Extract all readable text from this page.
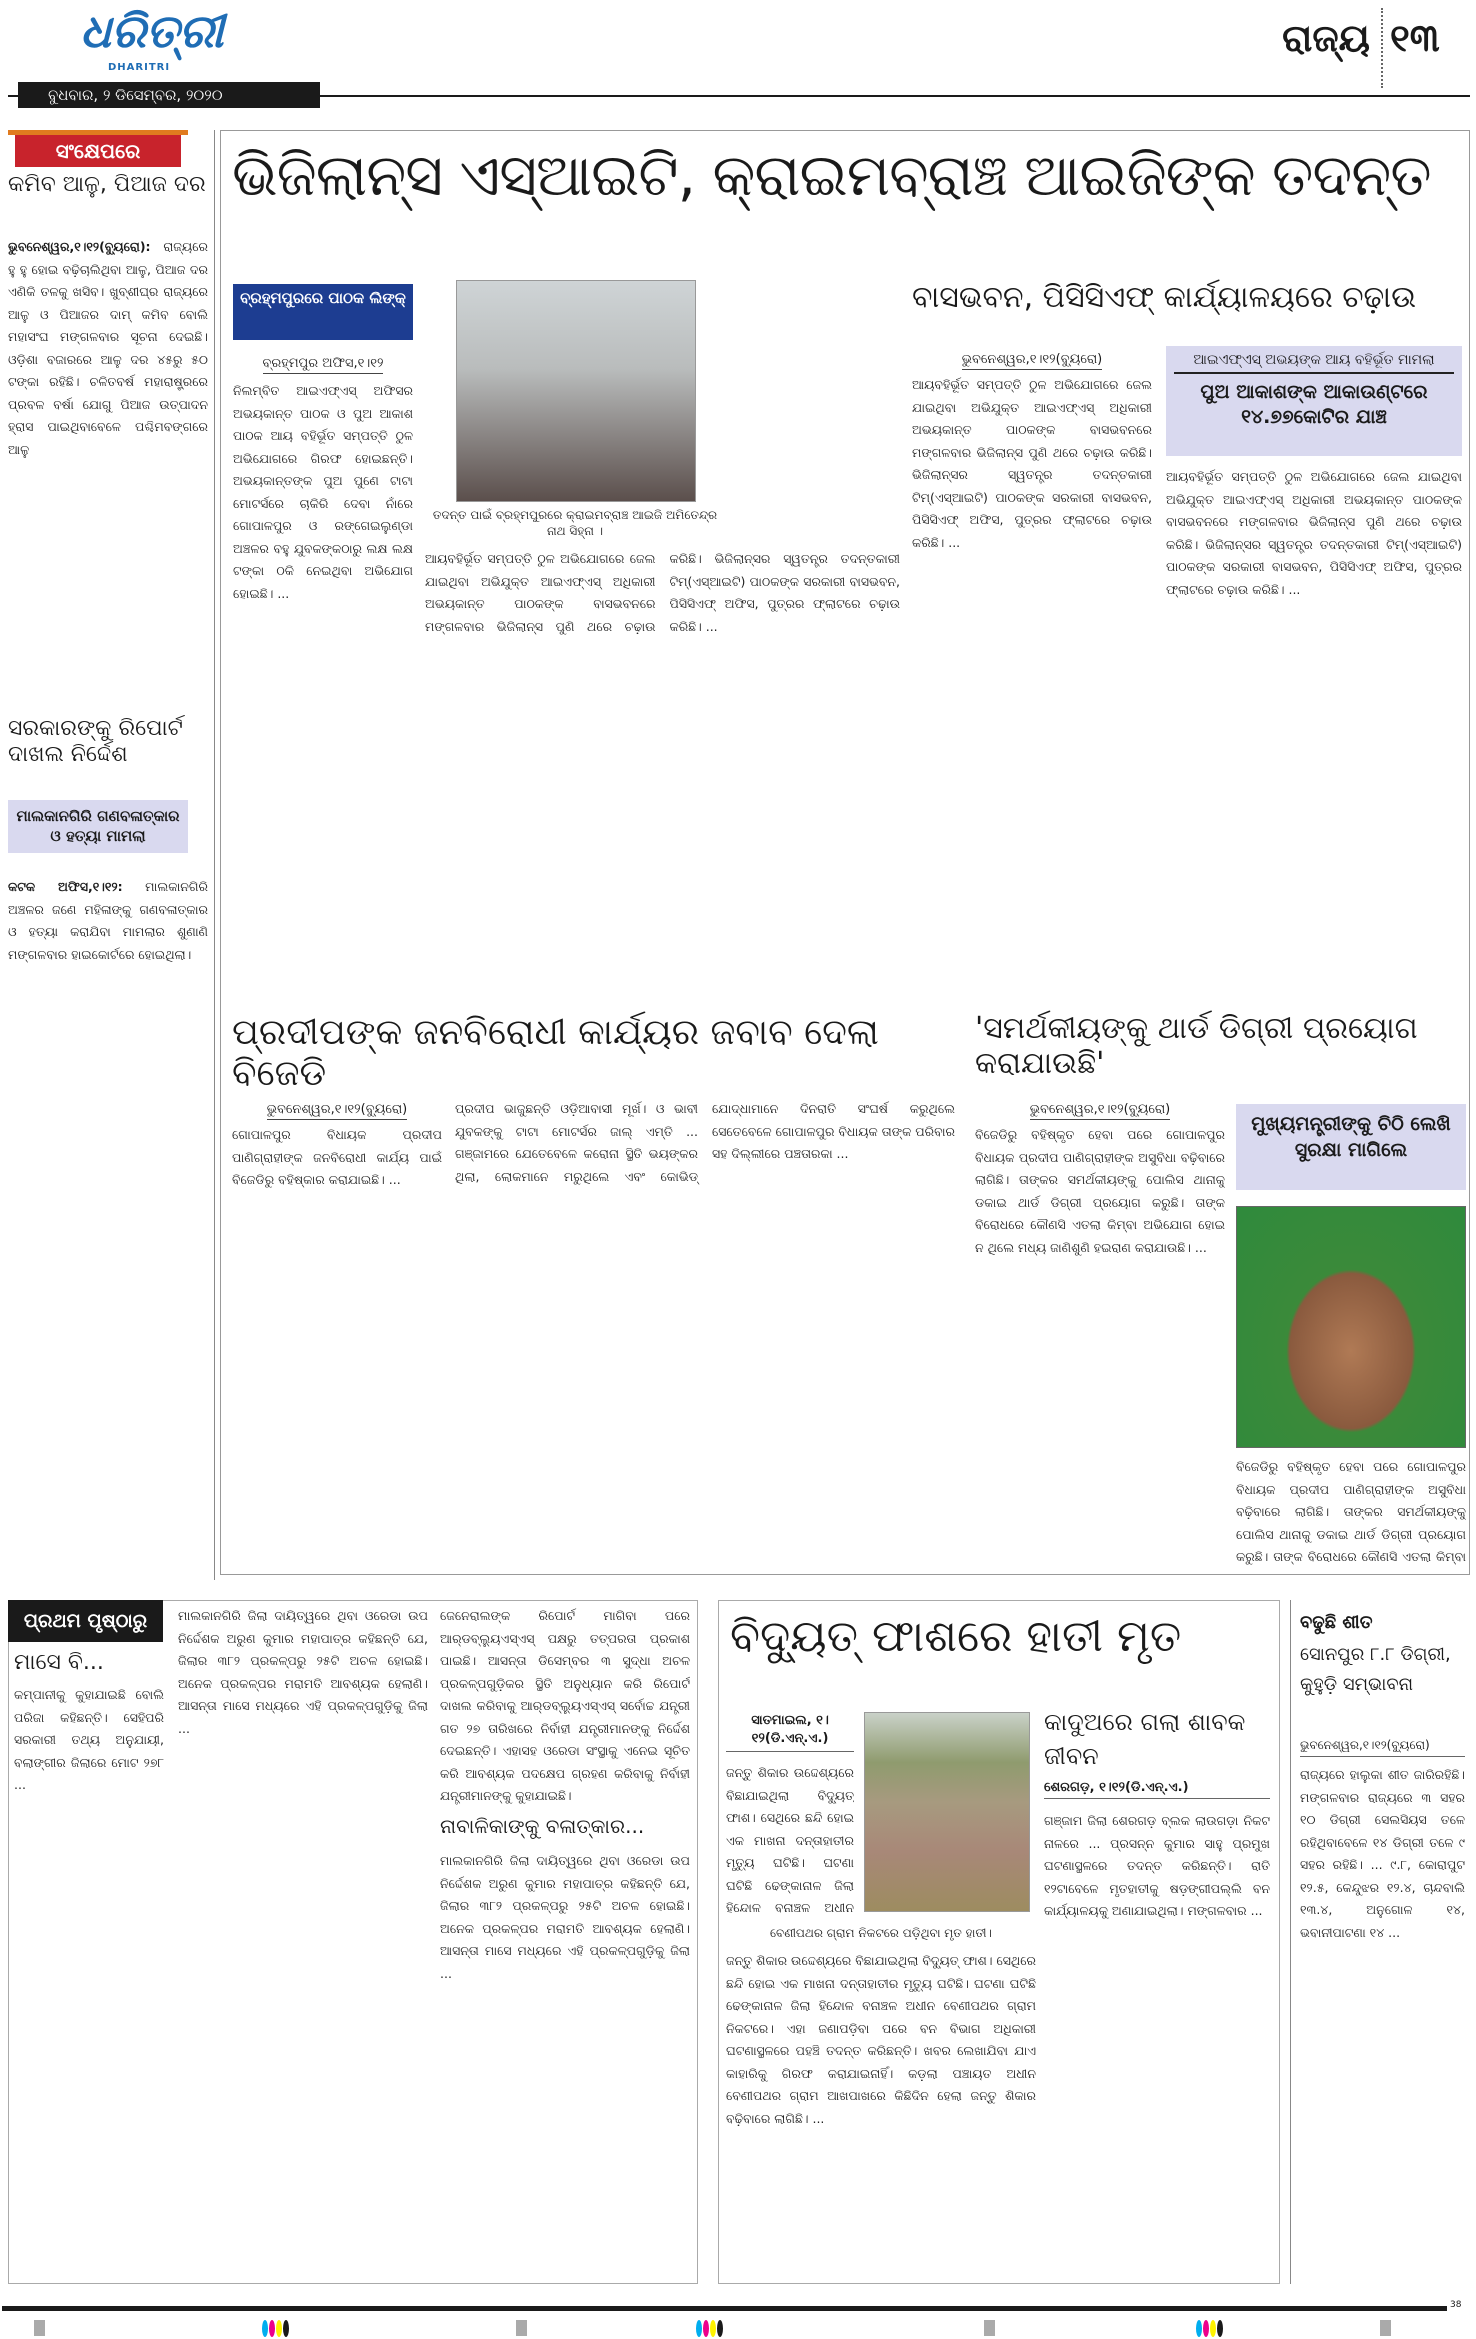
ଧରିତ୍ରୀ
DHARITRI
ବୁଧବାର, ୨ ଡିସେମ୍ବର, ୨୦୨୦
ରାଜ୍ୟ ୧୩
ସଂକ୍ଷେପରେ
କମିବ ଆଳୁ, ପିଆଜ ଦର
ଭୁବନେଶ୍ୱର,୧।୧୨(ବ୍ୟୁରୋ): ରାଜ୍ୟରେ ହୁ ହୁ ହୋଇ ବଢ଼ିଚାଲିଥିବା ଆଳୁ, ପିଆଜ ଦର ଏଣିକି ତଳକୁ ଖସିବ। ଖୁବ୍‌ଶୀଘ୍ର ରାଜ୍ୟରେ ଆଳୁ ଓ ପିଆଜର ଦାମ୍ କମିବ ବୋଲି ମହାସଂଘ ମଙ୍ଗଳବାର ସୂଚନା ଦେଇଛି। ଓଡ଼ିଶା ବଜାରରେ ଆଳୁ ଦର ୪୫ରୁ ୫୦ ଟଙ୍କା ରହିଛି। ଚଳିତବର୍ଷ ମହାରାଷ୍ଟ୍ରରେ ପ୍ରବଳ ବର୍ଷା ଯୋଗୁ ପିଆଜ ଉତ୍ପାଦନ ହ୍ରାସ ପାଇଥିବାବେଳେ ପଶ୍ଚିମବଙ୍ଗରେ ଆଳୁ
ସରକାରଙ୍କୁ ରିପୋର୍ଟ ଦାଖଲ ନିର୍ଦ୍ଦେଶ
ମାଲକାନଗିରି ଗଣବଳାତ୍କାର ଓ ହତ୍ୟା ମାମଲା
କଟକ ଅଫିସ,୧।୧୨: ମାଲକାନଗିରି ଅଞ୍ଚଳର ଜଣେ ମହିଳାଙ୍କୁ ଗଣବଳାତ୍କାର ଓ ହତ୍ୟା କରାଯିବା ମାମଲାର ଶୁଣାଣି ମଙ୍ଗଳବାର ହାଇକୋର୍ଟରେ ହୋଇଥିଲା।
ଭିଜିଲାନ୍ସ ଏସ୍‌ଆଇଟି, କ୍ରାଇମବ୍ରାଞ୍ଚ ଆଇଜିଙ୍କ ତଦନ୍ତ
ବ୍ରହ୍ମପୁରରେ ପାଠକ ଲିଙ୍କ୍
ବ୍ରହ୍ମପୁର ଅଫିସ,୧।୧୨
ନିଲମ୍ବିତ ଆଇଏଫ୍‌ଏସ୍ ଅଫିସର ଅଭୟକାନ୍ତ ପାଠକ ଓ ପୁଅ ଆକାଶ ପାଠକ ଆୟ ବହିର୍ଭୂତ ସମ୍ପତ୍ତି ଠୁଳ ଅଭିଯୋଗରେ ଗିରଫ ହୋଇଛନ୍ତି। ଅଭୟକାନ୍ତଙ୍କ ପୁଅ ପୁଣେ ଟାଟା ମୋଟର୍ସରେ ଚାକିରି ଦେବା ନାଁରେ ଗୋପାଳପୁର ଓ ରଙ୍ଗେଇଲୁଣ୍ଡା ଅଞ୍ଚଳର ବହୁ ଯୁବକଙ୍କଠାରୁ ଲକ୍ଷ ଲକ୍ଷ ଟଙ୍କା ଠକି ନେଇଥିବା ଅଭିଯୋଗ ହୋଇଛି। ...
ତଦନ୍ତ ପାଇଁ ବ୍ରହ୍ମପୁରରେ କ୍ରାଇମବ୍ରାଞ୍ଚ ଆଇଜି ଅମିତେନ୍ଦ୍ର ନାଥ ସିହ୍ନା ।
ଆୟବହିର୍ଭୂତ ସମ୍ପତ୍ତି ଠୁଳ ଅଭିଯୋଗରେ ଜେଲ ଯାଇଥିବା ଅଭିଯୁକ୍ତ ଆଇଏଫ୍‌ଏସ୍ ଅଧିକାରୀ ଅଭୟକାନ୍ତ ପାଠକଙ୍କ ବାସଭବନରେ ମଙ୍ଗଳବାର ଭିଜିଲାନ୍ସ ପୁଣି ଥରେ ଚଢ଼ାଉ କରିଛି। ଭିଜିଲାନ୍ସର ସ୍ୱତନ୍ତ୍ର ତଦନ୍ତକାରୀ ଟିମ୍(ଏସ୍‌ଆଇଟି) ପାଠକଙ୍କ ସରକାରୀ ବାସଭବନ, ପିସିସିଏଫ୍ ଅଫିସ, ପୁତ୍ରର ଫ୍ଲାଟରେ ଚଢ଼ାଉ କରିଛି। ...
ବାସଭବନ, ପିସିସିଏଫ୍ କାର୍ଯ୍ୟାଳୟରେ ଚଢ଼ାଉ
ଭୁବନେଶ୍ୱର,୧।୧୨(ବ୍ୟୁରୋ)
ଆୟବହିର୍ଭୂତ ସମ୍ପତ୍ତି ଠୁଳ ଅଭିଯୋଗରେ ଜେଲ ଯାଇଥିବା ଅଭିଯୁକ୍ତ ଆଇଏଫ୍‌ଏସ୍ ଅଧିକାରୀ ଅଭୟକାନ୍ତ ପାଠକଙ୍କ ବାସଭବନରେ ମଙ୍ଗଳବାର ଭିଜିଲାନ୍ସ ପୁଣି ଥରେ ଚଢ଼ାଉ କରିଛି। ଭିଜିଲାନ୍ସର ସ୍ୱତନ୍ତ୍ର ତଦନ୍ତକାରୀ ଟିମ୍(ଏସ୍‌ଆଇଟି) ପାଠକଙ୍କ ସରକାରୀ ବାସଭବନ, ପିସିସିଏଫ୍ ଅଫିସ, ପୁତ୍ରର ଫ୍ଲାଟରେ ଚଢ଼ାଉ କରିଛି। ...
ଆଇଏଫ୍‌ଏସ୍ ଅଭୟଙ୍କ ଆୟ ବହିର୍ଭୂତ ମାମଲା
ପୁଅ ଆକାଶଙ୍କ ଆକାଉଣ୍ଟରେ ୧୪.୭୭କୋଟିର ଯାଞ୍ଚ
ଆୟବହିର୍ଭୂତ ସମ୍ପତ୍ତି ଠୁଳ ଅଭିଯୋଗରେ ଜେଲ ଯାଇଥିବା ଅଭିଯୁକ୍ତ ଆଇଏଫ୍‌ଏସ୍ ଅଧିକାରୀ ଅଭୟକାନ୍ତ ପାଠକଙ୍କ ବାସଭବନରେ ମଙ୍ଗଳବାର ଭିଜିଲାନ୍ସ ପୁଣି ଥରେ ଚଢ଼ାଉ କରିଛି। ଭିଜିଲାନ୍ସର ସ୍ୱତନ୍ତ୍ର ତଦନ୍ତକାରୀ ଟିମ୍(ଏସ୍‌ଆଇଟି) ପାଠକଙ୍କ ସରକାରୀ ବାସଭବନ, ପିସିସିଏଫ୍ ଅଫିସ, ପୁତ୍ରର ଫ୍ଲାଟରେ ଚଢ଼ାଉ କରିଛି। ...
ପ୍ରଦୀପଙ୍କ ଜନବିରୋଧୀ କାର୍ଯ୍ୟର ଜବାବ ଦେଲା ବିଜେଡି
ଭୁବନେଶ୍ୱର,୧।୧୨(ବ୍ୟୁରୋ)
ଗୋପାଳପୁର ବିଧାୟକ ପ୍ରଦୀପ ପାଣିଗ୍ରାହୀଙ୍କ ଜନବିରୋଧୀ କାର୍ଯ୍ୟ ପାଇଁ ବିଜେଡିରୁ ବହିଷ୍କାର କରାଯାଇଛି। ...
ପ୍ରଦୀପ ଭାଜୁଛନ୍ତି ଓଡ଼ିଆବାସୀ ମୂର୍ଖ। ଓ ଭାବୀ ଯୁବକଙ୍କୁ ଟାଟା ମୋଟର୍ସର ଜାଲ୍ ଏମ୍ତି ... ଗଞ୍ଜାମରେ ଯେତେବେଳେ କରୋନା ସ୍ଥିତି ଭୟଙ୍କର ଥିଲା, ଲୋକମାନେ ମରୁଥିଲେ ଏବଂ କୋଭିଡ୍ ଯୋଦ୍ଧାମାନେ ଦିନରାତି ସଂଘର୍ଷ କରୁଥିଲେ ସେତେବେଳେ ଗୋପାଳପୁର ବିଧାୟକ ତାଙ୍କ ପରିବାର ସହ ଦିଲ୍ଲୀରେ ପଞ୍ଚତାରକା ...
'ସମର୍ଥକୀୟଙ୍କୁ ଥାର୍ଡ ଡିଗ୍ରୀ ପ୍ରୟୋଗ କରାଯାଉଛି'
ଭୁବନେଶ୍ୱର,୧।୧୨(ବ୍ୟୁରୋ)
ବିଜେଡିରୁ ବହିଷ୍କୃତ ହେବା ପରେ ଗୋପାଳପୁର ବିଧାୟକ ପ୍ରଦୀପ ପାଣିଗ୍ରାହୀଙ୍କ ଅସୁବିଧା ବଢ଼ିବାରେ ଲାଗିଛି। ତାଙ୍କର ସମର୍ଥକୀୟଙ୍କୁ ପୋଲିସ ଥାନାକୁ ଡକାଇ ଥାର୍ଡ ଡିଗ୍ରୀ ପ୍ରୟୋଗ କରୁଛି। ତାଙ୍କ ବିରୋଧରେ କୌଣସି ଏତଲା କିମ୍ବା ଅଭିଯୋଗ ହୋଇ ନ ଥିଲେ ମଧ୍ୟ ଜାଣିଶୁଣି ହଇରାଣ କରାଯାଉଛି। ...
ମୁଖ୍ୟମନ୍ତ୍ରୀଙ୍କୁ ଚିଠି ଲେଖି ସୁରକ୍ଷା ମାଗିଲେ
ବିଜେଡିରୁ ବହିଷ୍କୃତ ହେବା ପରେ ଗୋପାଳପୁର ବିଧାୟକ ପ୍ରଦୀପ ପାଣିଗ୍ରାହୀଙ୍କ ଅସୁବିଧା ବଢ଼ିବାରେ ଲାଗିଛି। ତାଙ୍କର ସମର୍ଥକୀୟଙ୍କୁ ପୋଲିସ ଥାନାକୁ ଡକାଇ ଥାର୍ଡ ଡିଗ୍ରୀ ପ୍ରୟୋଗ କରୁଛି। ତାଙ୍କ ବିରୋଧରେ କୌଣସି ଏତଲା କିମ୍ବା
ପ୍ରଥମ ପୃଷ୍ଠାରୁ
ମାସେ ବି...
କମ୍ପାନୀକୁ କୁହାଯାଇଛି ବୋଲି ପରିଜା କହିଛନ୍ତି। ସେହିପରି ସରକାରୀ ତଥ୍ୟ ଅନୁଯାୟୀ, ବଲାଙ୍ଗୀର ଜିଲାରେ ମୋଟ ୨୭୮ ...
ମାଲକାନଗିରି ଜିଲା ଦାୟିତ୍ୱରେ ଥିବା ଓରେଡା ଉପ ନିର୍ଦ୍ଦେଶକ ଅରୁଣ କୁମାର ମହାପାତ୍ର କହିଛନ୍ତି ଯେ, ଜିଲାର ୩୮୨ ପ୍ରକଳ୍ପରୁ ୨୫ଟି ଅଚଳ ହୋଇଛି। ଅନେକ ପ୍ରକଳ୍ପର ମରାମତି ଆବଶ୍ୟକ ହେଲାଣି। ଆସନ୍ତା ମାସେ ମଧ୍ୟରେ ଏହି ପ୍ରକଳ୍ପଗୁଡ଼ିକୁ ଜିଲା ...
ଜେନେରାଲଙ୍କ ରିପୋର୍ଟ ମାଗିବା ପରେ ଆର୍‌ଡବ୍ଲ୍ୟୁଏସ୍‌ଏସ୍ ପକ୍ଷରୁ ତତ୍ପରତା ପ୍ରକାଶ ପାଇଛି। ଆସନ୍ତା ଡିସେମ୍ବର ୩ ସୁଦ୍ଧା ଅଚଳ ପ୍ରକଳ୍ପଗୁଡ଼ିକର ସ୍ଥିତି ଅନୁଧ୍ୟାନ କରି ରିପୋର୍ଟ ଦାଖଲ କରିବାକୁ ଆର୍‌ଡବ୍ଲ୍ୟୁଏସ୍‌ଏସ୍ ସର୍ବୋଚ୍ଚ ଯନ୍ତ୍ରୀ ଗତ ୨୭ ତାରିଖରେ ନିର୍ବାହୀ ଯନ୍ତ୍ରୀମାନଙ୍କୁ ନିର୍ଦ୍ଦେଶ ଦେଇଛନ୍ତି। ଏହାସହ ଓରେଡା ସଂସ୍ଥାକୁ ଏନେଇ ସୂଚିତ କରି ଆବଶ୍ୟକ ପଦକ୍ଷେପ ଗ୍ରହଣ କରିବାକୁ ନିର୍ବାହୀ ଯନ୍ତ୍ରୀମାନଙ୍କୁ କୁହାଯାଇଛି।
ନାବାଳିକାଙ୍କୁ ବଳାତ୍କାର...
ମାଲକାନଗିରି ଜିଲା ଦାୟିତ୍ୱରେ ଥିବା ଓରେଡା ଉପ ନିର୍ଦ୍ଦେଶକ ଅରୁଣ କୁମାର ମହାପାତ୍ର କହିଛନ୍ତି ଯେ, ଜିଲାର ୩୮୨ ପ୍ରକଳ୍ପରୁ ୨୫ଟି ଅଚଳ ହୋଇଛି। ଅନେକ ପ୍ରକଳ୍ପର ମରାମତି ଆବଶ୍ୟକ ହେଲାଣି। ଆସନ୍ତା ମାସେ ମଧ୍ୟରେ ଏହି ପ୍ରକଳ୍ପଗୁଡ଼ିକୁ ଜିଲା ...
ବିଦ୍ୟୁତ୍ ଫାଶରେ ହାତୀ ମୃତ
ସାତମାଇଲ, ୧।୧୨(ଡି.ଏନ୍.ଏ.)
ଜନ୍ତୁ ଶିକାର ଉଦ୍ଦେଶ୍ୟରେ ବିଛାଯାଇଥିଲା ବିଦ୍ୟୁତ୍ ଫାଶ। ସେଥିରେ ଛନ୍ଦି ହୋଇ ଏକ ମାଖନା ଦନ୍ତାହାତୀର ମୃତ୍ୟୁ ଘଟିଛି। ଘଟଣା ଘଟିଛି ଢେଙ୍କାନାଳ ଜିଲା ହିନ୍ଦୋଳ ବନାଞ୍ଚଳ ଅଧୀନ
ବେଣୀପଥର ଗ୍ରାମ ନିକଟରେ ପଡ଼ିଥିବା ମୃତ ହାତୀ।
ଜନ୍ତୁ ଶିକାର ଉଦ୍ଦେଶ୍ୟରେ ବିଛାଯାଇଥିଲା ବିଦ୍ୟୁତ୍ ଫାଶ। ସେଥିରେ ଛନ୍ଦି ହୋଇ ଏକ ମାଖନା ଦନ୍ତାହାତୀର ମୃତ୍ୟୁ ଘଟିଛି। ଘଟଣା ଘଟିଛି ଢେଙ୍କାନାଳ ଜିଲା ହିନ୍ଦୋଳ ବନାଞ୍ଚଳ ଅଧୀନ ବେଣୀପଥର ଗ୍ରାମ ନିକଟରେ। ଏହା ଜଣାପଡ଼ିବା ପରେ ବନ ବିଭାଗ ଅଧିକାରୀ ଘଟଣାସ୍ଥଳରେ ପହଞ୍ଚି ତଦନ୍ତ କରିଛନ୍ତି। ଖବର ଲେଖାଯିବା ଯାଏ କାହାରିକୁ ଗିରଫ କରାଯାଇନାହିଁ। କଡ଼ଲା ପଞ୍ଚାୟତ ଅଧୀନ ବେଣୀପଥର ଗ୍ରାମ ଆଖପାଖରେ କିଛିଦିନ ହେଲା ଜନ୍ତୁ ଶିକାର ବଢ଼ିବାରେ ଲାଗିଛି। ...
କାଦୁଅରେ ଗଲା ଶାବକ ଜୀବନ
ଶେରଗଡ଼, ୧।୧୨(ଡି.ଏନ୍.ଏ.)
ଗଞ୍ଜାମ ଜିଲା ଶେରଗଡ଼ ବ୍ଲକ ଲାଉଗଡ଼ା ନିକଟ ନାଳରେ ... ପ୍ରସନ୍ନ କୁମାର ସାହୁ ପ୍ରମୁଖ ଘଟଣାସ୍ଥଳରେ ତଦନ୍ତ କରିଛନ୍ତି। ରାତି ୧୨ଟାବେଳେ ମୃତହାତୀକୁ ଷଡ଼ଙ୍ଗୀପଲ୍ଲି ବନ କାର୍ଯ୍ୟାଳୟକୁ ଅଣାଯାଇଥିଲା। ମଙ୍ଗଳବାର ...
ବଢୁଛି ଶୀତ
ସୋନପୁର ୮.୮ ଡିଗ୍ରୀ, କୁହୁଡ଼ି ସମ୍ଭାବନା
ଭୁବନେଶ୍ୱର,୧।୧୨(ବ୍ୟୁରୋ)
ରାଜ୍ୟରେ ହାଲୁକା ଶୀତ ଜାରିରହିଛି। ମଙ୍ଗଳବାର ରାଜ୍ୟରେ ୩ ସହର ୧୦ ଡିଗ୍ରୀ ସେଲସିୟସ ତଳେ ରହିଥିବାବେଳେ ୧୪ ଡିଗ୍ରୀ ତଳେ ୯ ସହର ରହିଛି। ... ୯.୮, କୋରାପୁଟ ୧୨.୫, କେନ୍ଦୁଝର ୧୨.୪, ଚାନ୍ଦବାଲି ୧୩.୪, ଅନୁଗୋଳ ୧୪, ଭବାନୀପାଟଣା ୧୪ ...
38
